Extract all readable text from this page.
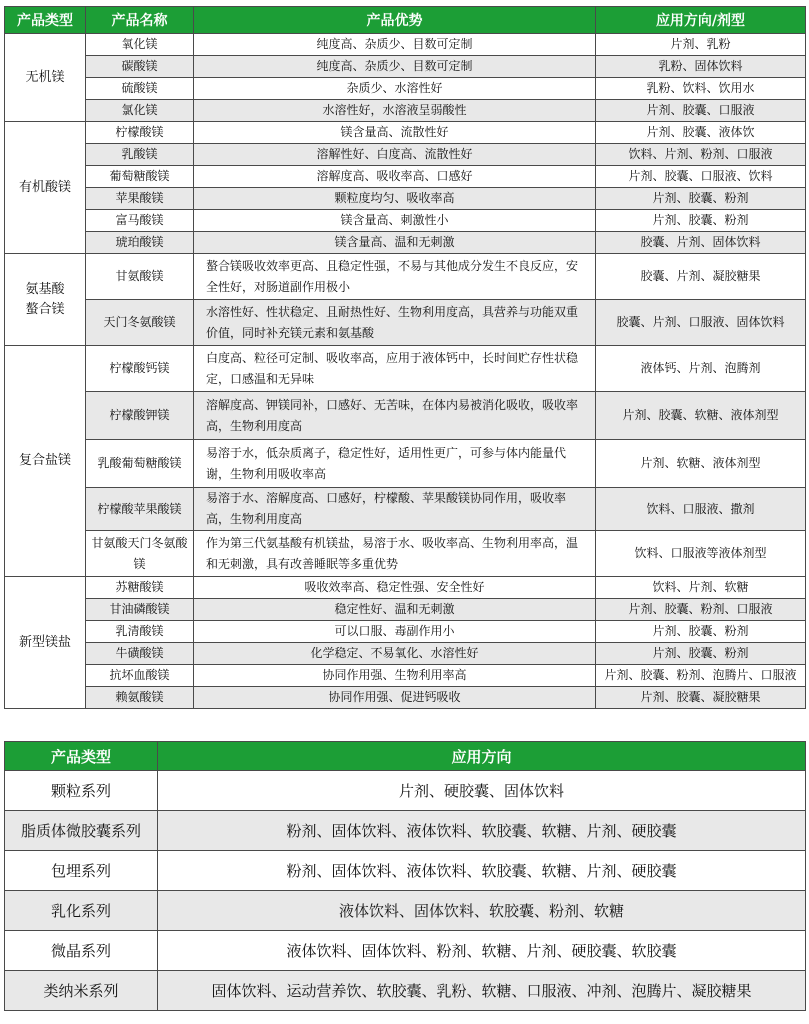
产品类型	产品名称	产品优势	应用方向/剂型

无机镁	氧化镁	纯度高、杂质少、目数可定制	片剂、乳粉
	碳酸镁	纯度高、杂质少、目数可定制	乳粉、固体饮料
	硫酸镁	杂质少、水溶性好	乳粉、饮料、饮用水
	氯化镁	水溶性好，水溶液呈弱酸性	片剂、胶囊、口服液

有机酸镁	柠檬酸镁	镁含量高、流散性好	片剂、胶囊、液体饮
	乳酸镁	溶解性好、白度高、流散性好	饮料、片剂、粉剂、口服液
	葡萄糖酸镁	溶解度高、吸收率高、口感好	片剂、胶囊、口服液、饮料
	苹果酸镁	颗粒度均匀、吸收率高	片剂、胶囊、粉剂
	富马酸镁	镁含量高、刺激性小	片剂、胶囊、粉剂
	琥珀酸镁	镁含量高、温和无刺激	胶囊、片剂、固体饮料

氨基酸
螯合镁	甘氨酸镁	螯合镁吸收效率更高、且稳定性强，不易与其他成分发生不良反应，安全性好，对肠道副作用极小	胶囊、片剂、凝胶糖果
	天门冬氨酸镁	水溶性好、性状稳定、且耐热性好、生物利用度高，具营养与功能双重价值，同时补充镁元素和氨基酸	胶囊、片剂、口服液、固体饮料

复合盐镁	柠檬酸钙镁	白度高、粒径可定制、吸收率高，应用于液体钙中，长时间贮存性状稳定，口感温和无异味	液体钙、片剂、泡腾剂
	柠檬酸钾镁	溶解度高、钾镁同补，口感好、无苦味，在体内易被消化吸收，吸收率高，生物利用度高	片剂、胶囊、软糖、液体剂型
	乳酸葡萄糖酸镁	易溶于水，低杂质离子，稳定性好，适用性更广，可参与体内能量代谢，生物利用吸收率高	片剂、软糖、液体剂型
	柠檬酸苹果酸镁	易溶于水、溶解度高、口感好，柠檬酸、苹果酸镁协同作用，吸收率高，生物利用度高	饮料、口服液、撒剂
	甘氨酸天门冬氨酸镁	作为第三代氨基酸有机镁盐，易溶于水、吸收率高、生物利用率高，温和无刺激，具有改善睡眠等多重优势	饮料、口服液等液体剂型

新型镁盐	苏糖酸镁	吸收效率高、稳定性强、安全性好	饮料、片剂、软糖
	甘油磷酸镁	稳定性好、温和无刺激	片剂、胶囊、粉剂、口服液
	乳清酸镁	可以口服、毒副作用小	片剂、胶囊、粉剂
	牛磺酸镁	化学稳定、不易氧化、水溶性好	片剂、胶囊、粉剂
	抗坏血酸镁	协同作用强、生物利用率高	片剂、胶囊、粉剂、泡腾片、口服液
	赖氨酸镁	协同作用强、促进钙吸收	片剂、胶囊、凝胶糖果
产品类型	应用方向
颗粒系列	片剂、硬胶囊、固体饮料
脂质体微胶囊系列	粉剂、固体饮料、液体饮料、软胶囊、软糖、片剂、硬胶囊
包埋系列	粉剂、固体饮料、液体饮料、软胶囊、软糖、片剂、硬胶囊
乳化系列	液体饮料、固体饮料、软胶囊、粉剂、软糖
微晶系列	液体饮料、固体饮料、粉剂、软糖、片剂、硬胶囊、软胶囊
类纳米系列	固体饮料、运动营养饮、软胶囊、乳粉、软糖、口服液、冲剂、泡腾片、凝胶糖果
